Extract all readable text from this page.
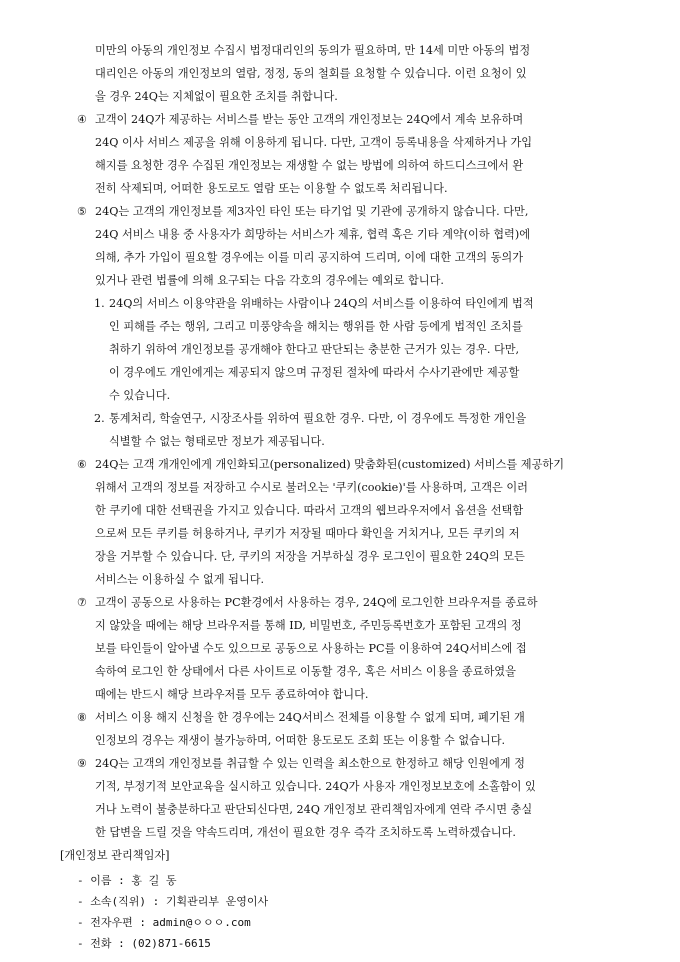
미만의 아동의 개인정보 수집시 법정대리인의 동의가 필요하며, 만 14세 미만 아동의 법정
대리인은 아동의 개인정보의 열람, 정정, 동의 철회를 요청할 수 있습니다. 이런 요청이 있
을 경우 24Q는 지체없이 필요한 조치를 취합니다.
④ 고객이 24Q가 제공하는 서비스를 받는 동안 고객의 개인정보는 24Q에서 계속 보유하며
24Q 이사 서비스 제공을 위해 이용하게 됩니다. 다만, 고객이 등록내용을 삭제하거나 가입
해지를 요청한 경우 수집된 개인정보는 재생할 수 없는 방법에 의하여 하드디스크에서 완
전히 삭제되며, 어떠한 용도로도 열람 또는 이용할 수 없도록 처리됩니다.
⑤ 24Q는 고객의 개인정보를 제3자인 타인 또는 타기업 및 기관에 공개하지 않습니다. 다만,
24Q 서비스 내용 중 사용자가 희망하는 서비스가 제휴, 협력 혹은 기타 계약(이하 협력)에
의해, 추가 가입이 필요할 경우에는 이를 미리 공지하여 드리며, 이에 대한 고객의 동의가
있거나 관련 법률에 의해 요구되는 다음 각호의 경우에는 예외로 합니다.
1. 24Q의 서비스 이용약관을 위배하는 사람이나 24Q의 서비스를 이용하여 타인에게 법적
인 피해를 주는 행위, 그리고 미풍양속을 해치는 행위를 한 사람 등에게 법적인 조치를
취하기 위하여 개인정보를 공개해야 한다고 판단되는 충분한 근거가 있는 경우. 다만,
이 경우에도 개인에게는 제공되지 않으며 규정된 절차에 따라서 수사기관에만 제공할
수 있습니다.
2. 통계처리, 학술연구, 시장조사를 위하여 필요한 경우. 다만, 이 경우에도 특정한 개인을
식별할 수 없는 형태로만 정보가 제공됩니다.
⑥ 24Q는 고객 개개인에게 개인화되고(personalized) 맞춤화된(customized) 서비스를 제공하기
위해서 고객의 정보를 저장하고 수시로 불러오는 '쿠키(cookie)'를 사용하며, 고객은 이러
한 쿠키에 대한 선택권을 가지고 있습니다. 따라서 고객의 웹브라우저에서 옵션을 선택함
으로써 모든 쿠키를 허용하거나, 쿠키가 저장될 때마다 확인을 거치거나, 모든 쿠키의 저
장을 거부할 수 있습니다. 단, 쿠키의 저장을 거부하실 경우 로그인이 필요한 24Q의 모든
서비스는 이용하실 수 없게 됩니다.
⑦ 고객이 공동으로 사용하는 PC환경에서 사용하는 경우, 24Q에 로그인한 브라우저를 종료하
지 않았을 때에는 해당 브라우저를 통해 ID, 비밀번호, 주민등록번호가 포함된 고객의 정
보를 타인들이 알아낼 수도 있으므로 공동으로 사용하는 PC를 이용하여 24Q서비스에 접
속하여 로그인 한 상태에서 다른 사이트로 이동할 경우, 혹은 서비스 이용을 종료하였을
때에는 반드시 해당 브라우저를 모두 종료하여야 합니다.
⑧ 서비스 이용 해지 신청을 한 경우에는 24Q서비스 전체를 이용할 수 없게 되며, 폐기된 개
인정보의 경우는 재생이 불가능하며, 어떠한 용도로도 조회 또는 이용할 수 없습니다.
⑨ 24Q는 고객의 개인정보를 취급할 수 있는 인력을 최소한으로 한정하고 해당 인원에게 정
기적, 부정기적 보안교육을 실시하고 있습니다. 24Q가 사용자 개인정보보호에 소홀함이 있
거나 노력이 불충분하다고 판단되신다면, 24Q 개인정보 관리책임자에게 연락 주시면 충실
한 답변을 드릴 것을 약속드리며, 개선이 필요한 경우 즉각 조치하도록 노력하겠습니다.
[개인정보 관리책임자]
- 이름 : 홍 길 동
- 소속(직위) : 기획관리부 운영이사
- 전자우편 : admin@ㅇㅇㅇ.com
- 전화 : (02)871-6615
